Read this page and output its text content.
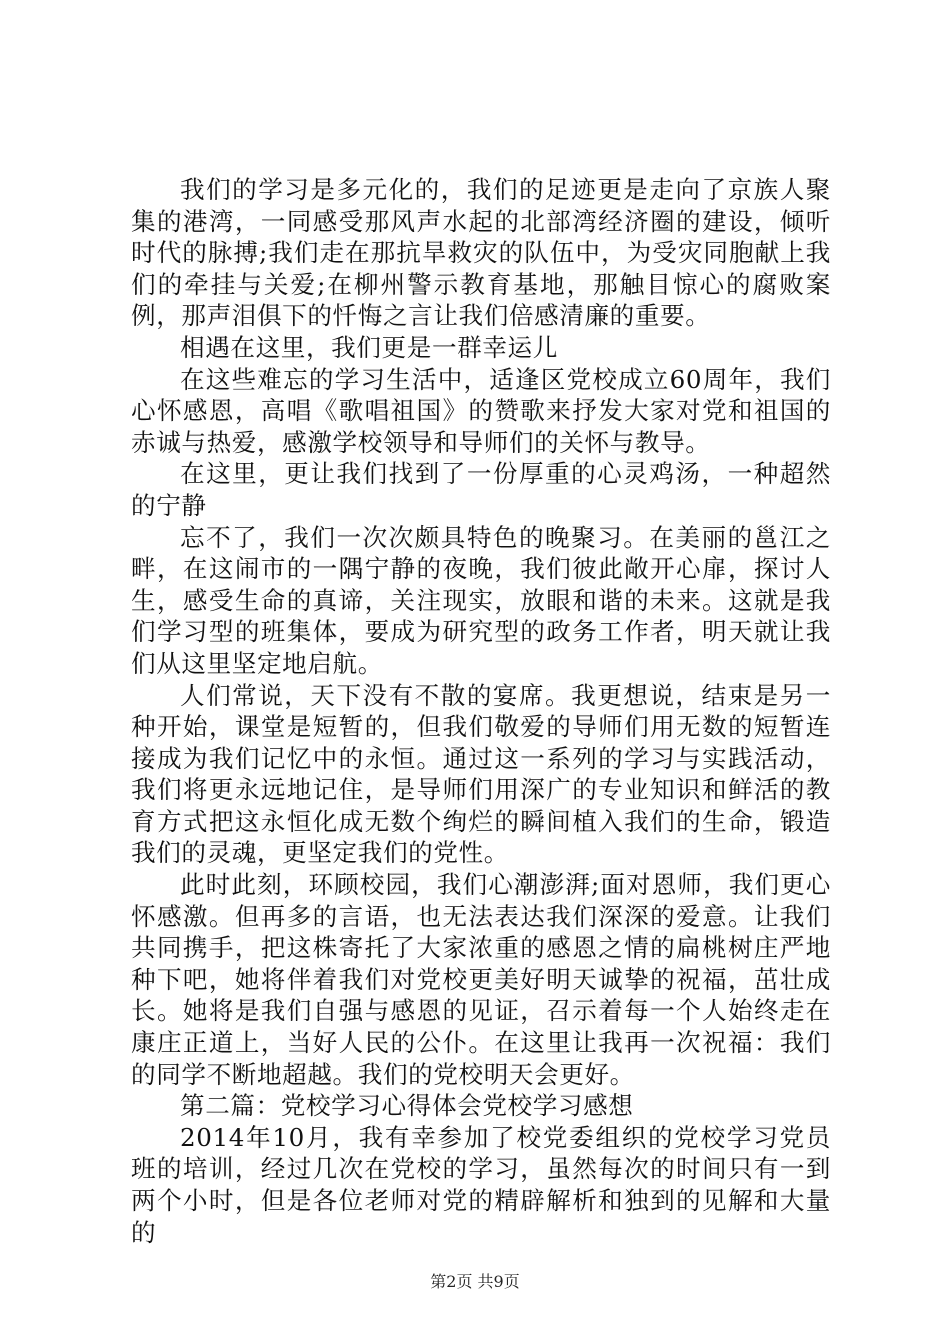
我们的学习是多元化的，我们的足迹更是走向了京族人聚集的港湾，一同感受那风声水起的北部湾经济圈的建设，倾听时代的脉搏;我们走在那抗旱救灾的队伍中，为受灾同胞献上我们的牵挂与关爱;在柳州警示教育基地，那触目惊心的腐败案例，那声泪俱下的忏悔之言让我们倍感清廉的重要。

相遇在这里，我们更是一群幸运儿

在这些难忘的学习生活中，适逢区党校成立60周年，我们心怀感恩，高唱《歌唱祖国》的赞歌来抒发大家对党和祖国的赤诚与热爱，感激学校领导和导师们的关怀与教导。

在这里，更让我们找到了一份厚重的心灵鸡汤，一种超然的宁静

忘不了，我们一次次颇具特色的晚聚习。在美丽的邕江之畔，在这闹市的一隅宁静的夜晚，我们彼此敞开心扉，探讨人生，感受生命的真谛，关注现实，放眼和谐的未来。这就是我们学习型的班集体，要成为研究型的政务工作者，明天就让我们从这里坚定地启航。

人们常说，天下没有不散的宴席。我更想说，结束是另一种开始，课堂是短暂的，但我们敬爱的导师们用无数的短暂连接成为我们记忆中的永恒。通过这一系列的学习与实践活动，我们将更永远地记住，是导师们用深广的专业知识和鲜活的教育方式把这永恒化成无数个绚烂的瞬间植入我们的生命，锻造我们的灵魂，更坚定我们的党性。

此时此刻，环顾校园，我们心潮澎湃;面对恩师，我们更心怀感激。但再多的言语，也无法表达我们深深的爱意。让我们共同携手，把这株寄托了大家浓重的感恩之情的扁桃树庄严地种下吧，她将伴着我们对党校更美好明天诚挚的祝福，茁壮成长。她将是我们自强与感恩的见证，召示着每一个人始终走在康庄正道上，当好人民的公仆。在这里让我再一次祝福：我们的同学不断地超越。我们的党校明天会更好。

第二篇：党校学习心得体会党校学习感想

2014年10月，我有幸参加了校党委组织的党校学习党员班的培训，经过几次在党校的学习，虽然每次的时间只有一到两个小时，但是各位老师对党的精辟解析和独到的见解和大量的

第2页 共9页
